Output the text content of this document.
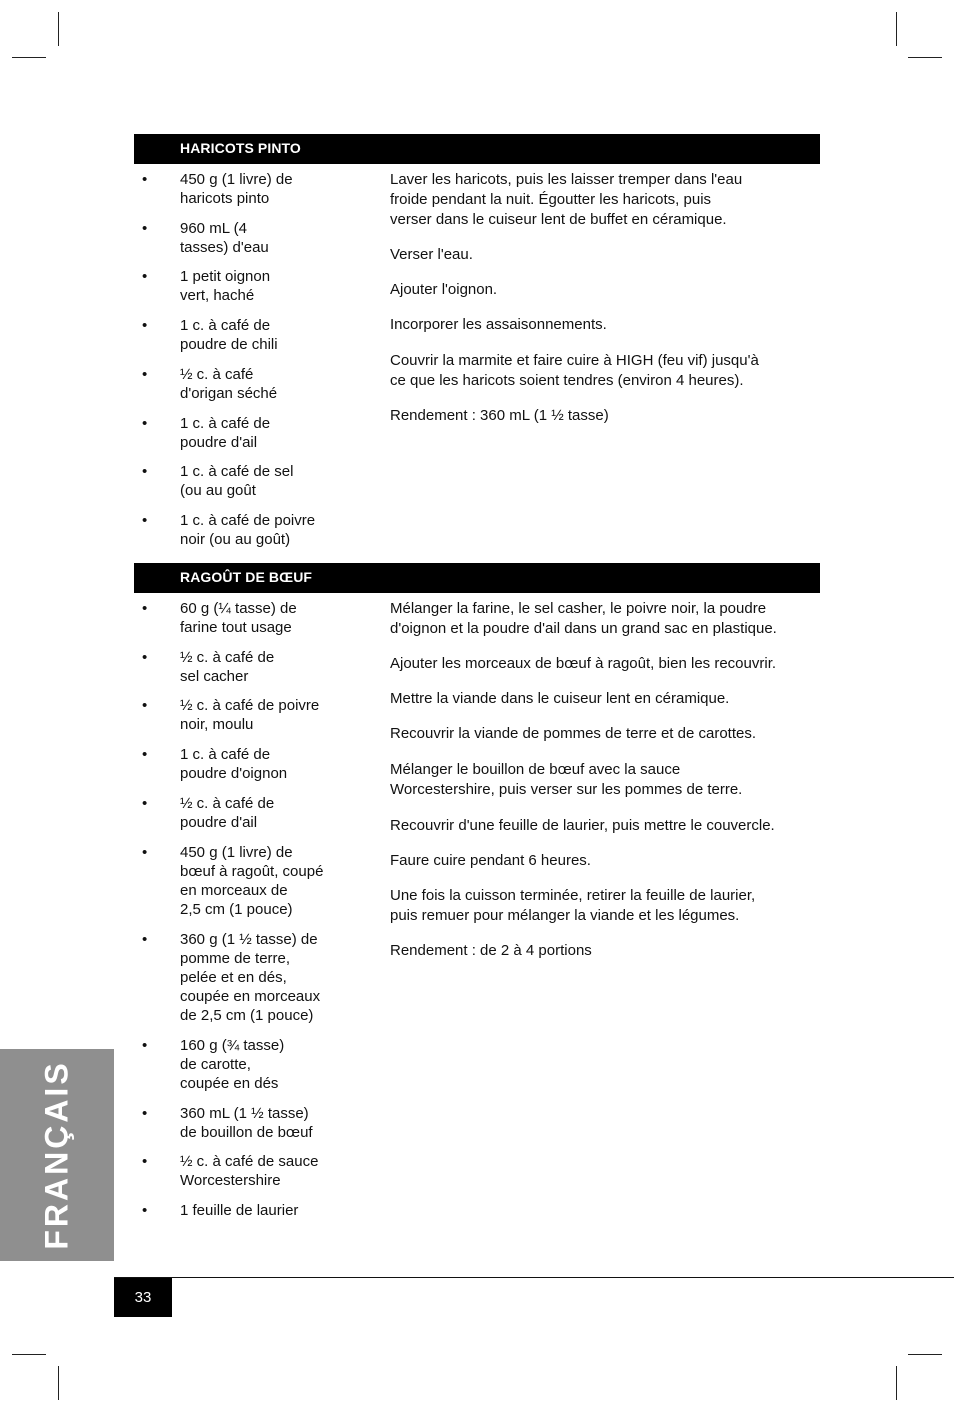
HARICOTS PINTO
• 450 g (1 livre) de
haricots pinto
• 960 mL (4
tasses) d'eau
• 1 petit oignon
vert, haché
• 1 c. à café de
poudre de chili
• ½ c. à café
d'origan séché
• 1 c. à café de
poudre d'ail
• 1 c. à café de sel
(ou au goût
• 1 c. à café de poivre
noir (ou au goût)

Laver les haricots, puis les laisser tremper dans l'eau
froide pendant la nuit. Égoutter les haricots, puis
verser dans le cuiseur lent de buffet en céramique.

Verser l'eau.

Ajouter l'oignon.

Incorporer les assaisonnements.

Couvrir la marmite et faire cuire à HIGH (feu vif) jusqu'à
ce que les haricots soient tendres (environ 4 heures).

Rendement : 360 mL (1 ½ tasse)

RAGOÛT DE BŒUF
• 60 g (¼ tasse) de
farine tout usage
• ½ c. à café de
sel cacher
• ½ c. à café de poivre
noir, moulu
• 1 c. à café de
poudre d'oignon
• ½ c. à café de
poudre d'ail
• 450 g (1 livre) de
bœuf à ragoût, coupé
en morceaux de
2,5 cm (1 pouce)
• 360 g (1 ½ tasse) de
pomme de terre,
pelée et en dés,
coupée en morceaux
de 2,5 cm (1 pouce)
• 160 g (¾ tasse)
de carotte,
coupée en dés
• 360 mL (1 ½ tasse)
de bouillon de bœuf
• ½ c. à café de sauce
Worcestershire
• 1 feuille de laurier

Mélanger la farine, le sel casher, le poivre noir, la poudre
d'oignon et la poudre d'ail dans un grand sac en plastique.

Ajouter les morceaux de bœuf à ragoût, bien les recouvrir.

Mettre la viande dans le cuiseur lent en céramique.

Recouvrir la viande de pommes de terre et de carottes.

Mélanger le bouillon de bœuf avec la sauce
Worcestershire, puis verser sur les pommes de terre.

Recouvrir d'une feuille de laurier, puis mettre le couvercle.

Faure cuire pendant 6 heures.

Une fois la cuisson terminée, retirer la feuille de laurier,
puis remuer pour mélanger la viande et les légumes.

Rendement : de 2 à 4 portions

FRANÇAIS
33
